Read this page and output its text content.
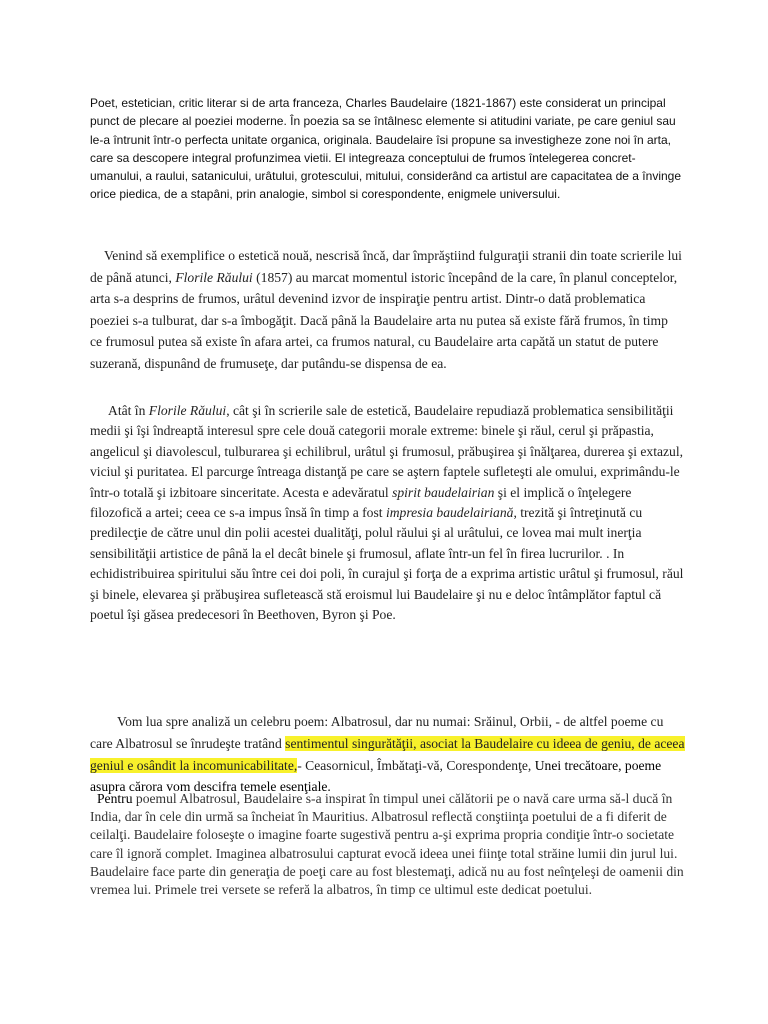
Poet, estetician, critic literar si de arta franceza, Charles Baudelaire (1821-1867) este considerat un principal punct de plecare al poeziei moderne. În poezia sa se întâlnesc elemente si atitudini variate, pe care geniul sau le-a întrunit într-o perfecta unitate organica, originala. Baudelaire îsi propune sa investigheze zone noi în arta, care sa descopere integral profunzimea vietii. El integreaza conceptului de frumos întelegerea concret-umanului, a raului, satanicului, urâtului, grotescului, mitului, considerând ca artistul are capacitatea de a învinge orice piedica, de a stapâni, prin analogie, simbol si corespondente, enigmele universului.

Venind să exemplifice o estetică nouă, nescrisă încă, dar împrăştiind fulguraţii stranii din toate scrierile lui de până atunci, Florile Răului (1857) au marcat momentul istoric începând de la care, în planul conceptelor, arta s-a desprins de frumos, urâtul devenind izvor de inspiraţie pentru artist. Dintr-o dată problematica poeziei s-a tulburat, dar s-a îmbogăţit. Dacă până la Baudelaire arta nu putea să existe fără frumos, în timp ce frumosul putea să existe în afara artei, ca frumos natural, cu Baudelaire arta capătă un statut de putere suzerană, dispunând de frumuseţe, dar putându-se dispensa de ea.

Atât în Florile Răului, cât şi în scrierile sale de estetică, Baudelaire repudiază problematica sensibilităţii medii şi îşi îndreaptă interesul spre cele două categorii morale extreme: binele şi răul, cerul şi prăpastia, angelicul şi diavolescul, tulburarea şi echilibrul, urâtul şi frumosul, prăbuşirea şi înălţarea, durerea şi extazul, viciul şi puritatea. El parcurge întreaga distanţă pe care se aştern faptele sufleteşti ale omului, exprimându-le într-o totală şi izbitoare sinceritate. Acesta e adevăratul spirit baudelairian şi el implică o înţelegere filozofică a artei; ceea ce s-a impus însă în timp a fost impresia baudelairiană, trezită şi întreţinută cu predilecţie de către unul din polii acestei dualităţi, polul răului şi al urâtului, ce lovea mai mult inerţia sensibilităţii artistice de până la el decât binele şi frumosul, aflate într-un fel în firea lucrurilor. . In echidistribuirea spiritului său între cei doi poli, în curajul şi forţa de a exprima artistic urâtul şi frumosul, răul şi binele, elevarea şi prăbuşirea sufletească stă eroismul lui Baudelaire şi nu e deloc întâmplător faptul că poetul îşi găsea predecesori în Beethoven, Byron şi Poe.

Vom lua spre analiză un celebru poem: Albatrosul, dar nu numai: Srăinul, Orbii, - de altfel poeme cu care Albatrosul se înrudeşte tratând sentimentul singurătăţii, asociat la Baudelaire cu ideea de geniu, de aceea geniul e osândit la incomunicabilitate,- Ceasornicul, Îmbătaţi-vă, Corespondenţe, Unei trecătoare, poeme asupra cărora vom descifra temele esenţiale.

Pentru poemul Albatrosul, Baudelaire s-a inspirat în timpul unei călătorii pe o navă care urma să-l ducă în India, dar în cele din urmă sa încheiat în Mauritius. Albatrosul reflectă conştiinţa poetului de a fi diferit de ceilalţi. Baudelaire foloseşte o imagine foarte sugestivă pentru a-şi exprima propria condiţie într-o societate care îl ignoră complet. Imaginea albatrosului capturat evocă ideea unei fiinţe total străine lumii din jurul lui. Baudelaire face parte din generaţia de poeţi care au fost blestemaţi, adică nu au fost neînţeleşi de oamenii din vremea lui. Primele trei versete se referă la albatros, în timp ce ultimul este dedicat poetului.
